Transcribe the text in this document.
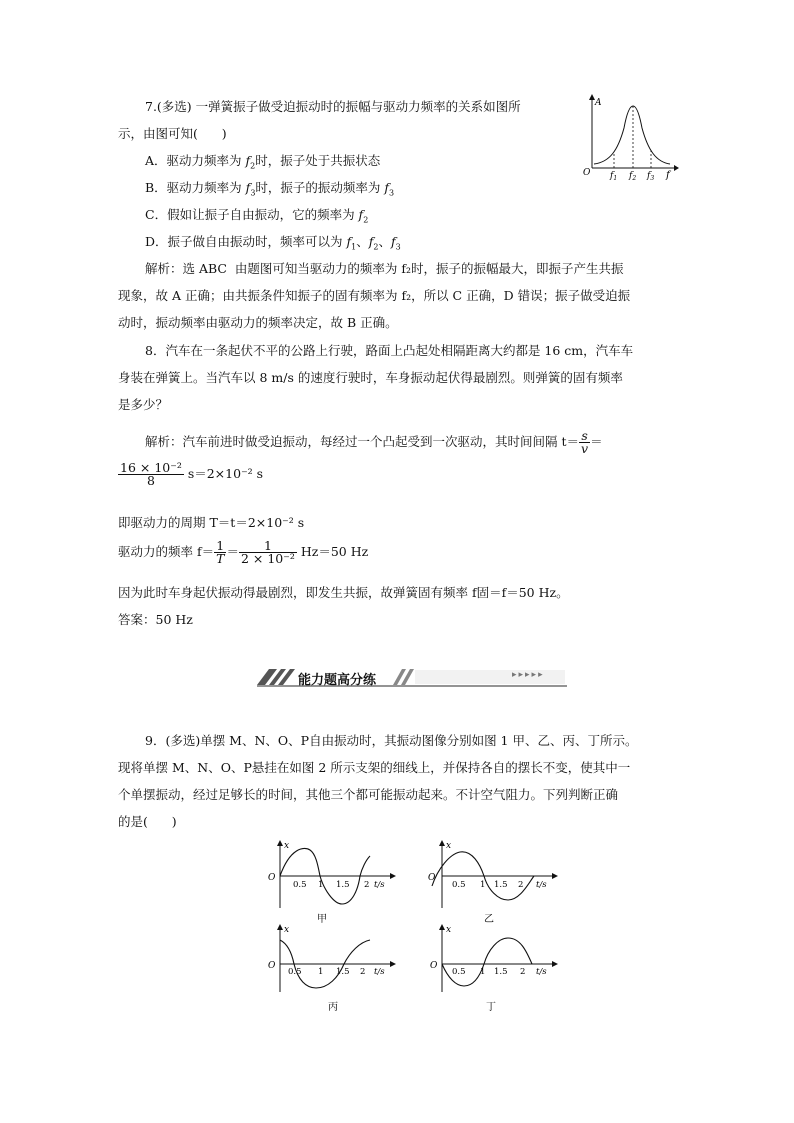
7.(多选) 一弹簧振子做受迫振动时的振幅与驱动力频率的关系如图所
示，由图可知(      )
A．驱动力频率为 $f_2$时，振子处于共振状态
B．驱动力频率为 $f_3$时，振子的振动频率为 $f_3$
C．假如让振子自由振动，它的频率为 $f_2$
D．振子做自由振动时，频率可以为 $f_1$、$f_2$、$f_3$
解析：选 ABC  由题图可知当驱动力的频率为 f₂时，振子的振幅最大，即振子产生共振
现象，故 A 正确；由共振条件知振子的固有频率为 f₂，所以 C 正确，D 错误；振子做受迫振
动时，振动频率由驱动力的频率决定，故 B 正确。
A
O	f
$f_1$ $f_2$ $f_3$
8．汽车在一条起伏不平的公路上行驶，路面上凸起处相隔距离大约都是 16 cm，汽车车
身装在弹簧上。当汽车以 8 m/s 的速度行驶时，车身振动起伏得最剧烈。则弹簧的固有频率
是多少？
解析：汽车前进时做受迫振动，每经过一个凸起受到一次驱动，其时间间隔 $t= \frac{s}{v}$ ＝
$\frac{\text{16 × 10⁻²}}{8} s=2\times 10^{-2}$ s
即驱动力的周期 T＝t＝2×10⁻² s
驱动力的频率 $f= \frac{1}{T} = \frac{1}{\text{2 × 10⁻²}} Hz=50$ Hz
因为此时车身起伏振动得最剧烈，即发生共振，故弹簧固有频率 f固＝f＝50 Hz。
答案：50 Hz
能力题高分练	▸▸▸▸▸
9．(多选)单摆 M、N、O、P自由振动时，其振动图像分别如图 1 甲、乙、丙、丁所示。
现将单摆 M、N、O、P悬挂在如图 2 所示支架的细线上，并保持各自的摆长不变，使其中一
个单摆振动，经过足够长的时间，其他三个都可能振动起来。不计空气阻力。下列判断正确
的是(      )
x
O
0.5 1 1.5 2 t/s
甲
x
O
0.5 1 1.5 2 t/s
乙
x
O
0.5 1 1.5 2 t/s
丙
x
O
0.5 1 1.5 2 t/s
丁
